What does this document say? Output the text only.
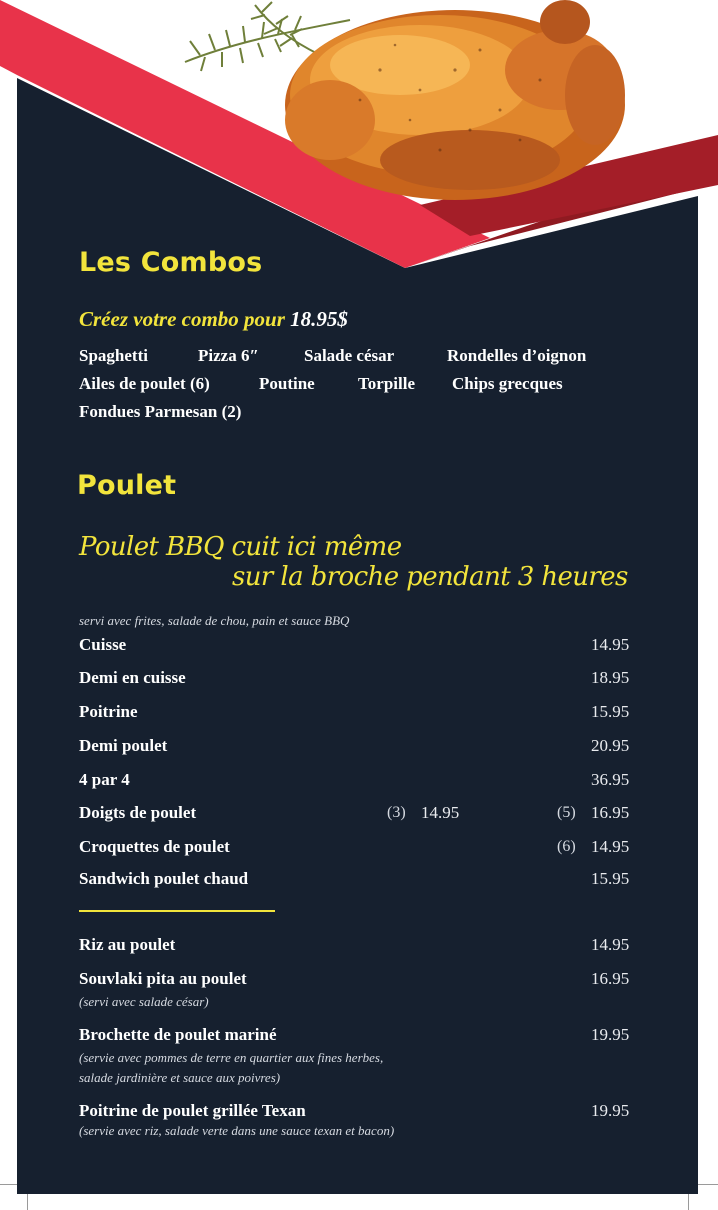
Les Combos
Créez votre combo pour 18.95$
Spaghetti	Pizza 6″	Salade césar	Rondelles d’oignon
Ailes de poulet (6)	Poutine	Torpille Chips grecques
Fondues Parmesan (2)
Poulet
Poulet BBQ cuit ici même
sur la broche pendant 3 heures
servi avec frites, salade de chou, pain et sauce BBQ
Cuisse	14.95
Demi en cuisse	18.95
Poitrine	15.95
Demi poulet	20.95
4 par 4	36.95
Doigts de poulet	(3) 14.95	(5) 16.95
Croquettes de poulet	(6) 14.95
Sandwich poulet chaud	15.95
Riz au poulet	14.95
Souvlaki pita au poulet	16.95
(servi avec salade césar)
Brochette de poulet mariné	19.95
(servie avec pommes de terre en quartier aux fines herbes,
salade jardinière et sauce aux poivres)
Poitrine de poulet grillée Texan	19.95
(servie avec riz, salade verte dans une sauce texan et bacon)
